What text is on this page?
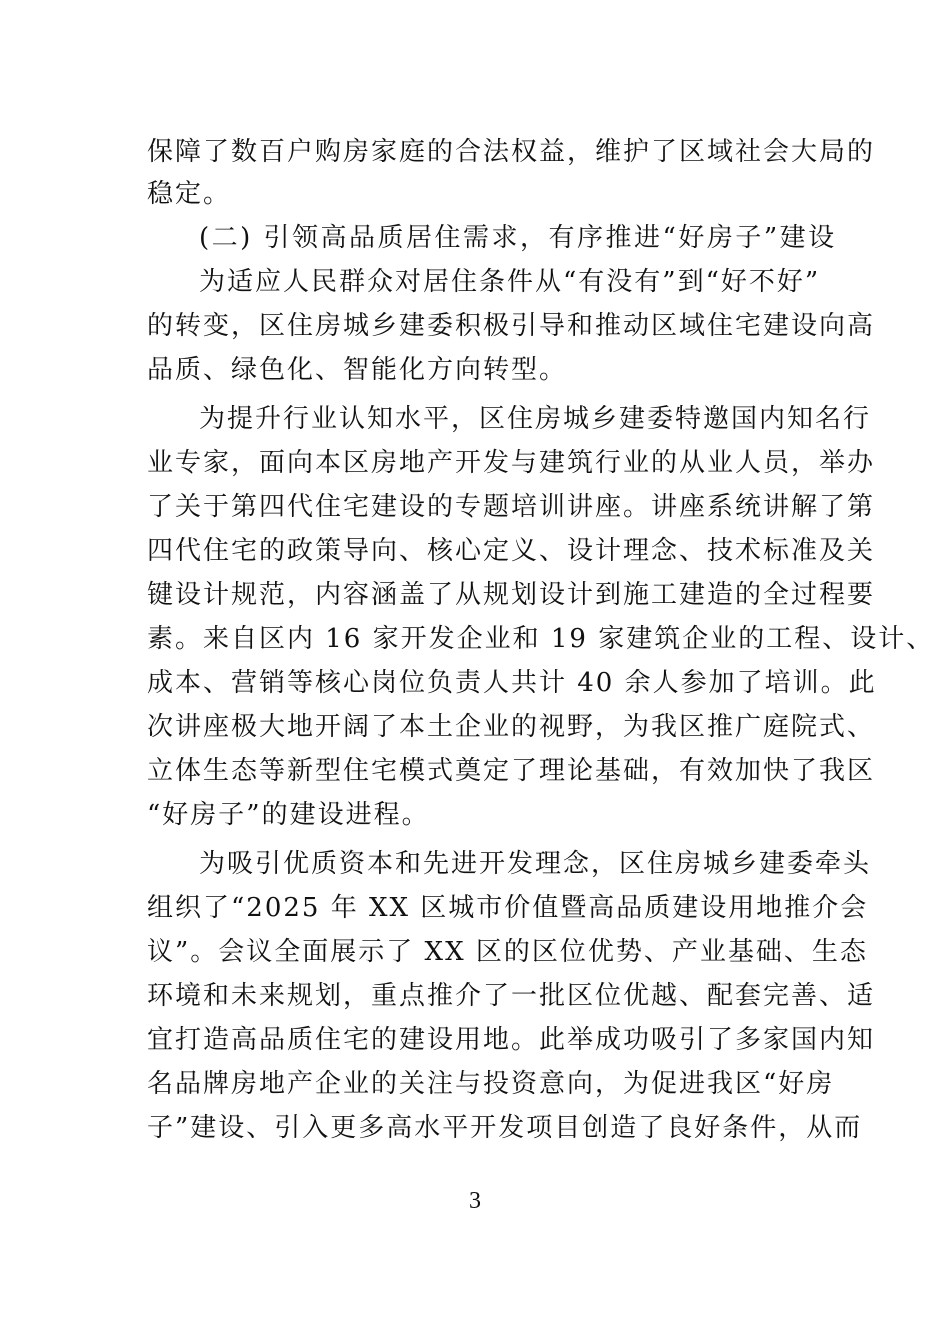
保障了数百户购房家庭的合法权益，维护了区域社会大局的
稳定。
(二) 引领高品质居住需求，有序推进“好房子”建设
为适应人民群众对居住条件从“有没有”到“好不好”
的转变，区住房城乡建委积极引导和推动区域住宅建设向高
品质、绿色化、智能化方向转型。
为提升行业认知水平，区住房城乡建委特邀国内知名行
业专家，面向本区房地产开发与建筑行业的从业人员，举办
了关于第四代住宅建设的专题培训讲座。讲座系统讲解了第
四代住宅的政策导向、核心定义、设计理念、技术标准及关
键设计规范，内容涵盖了从规划设计到施工建造的全过程要
素。来自区内 16 家开发企业和 19 家建筑企业的工程、设计、
成本、营销等核心岗位负责人共计 40 余人参加了培训。此
次讲座极大地开阔了本土企业的视野，为我区推广庭院式、
立体生态等新型住宅模式奠定了理论基础，有效加快了我区
“好房子”的建设进程。
为吸引优质资本和先进开发理念，区住房城乡建委牵头
组织了“2025 年 XX 区城市价值暨高品质建设用地推介会
议”。会议全面展示了 XX 区的区位优势、产业基础、生态
环境和未来规划，重点推介了一批区位优越、配套完善、适
宜打造高品质住宅的建设用地。此举成功吸引了多家国内知
名品牌房地产企业的关注与投资意向，为促进我区“好房
子”建设、引入更多高水平开发项目创造了良好条件，从而
3
